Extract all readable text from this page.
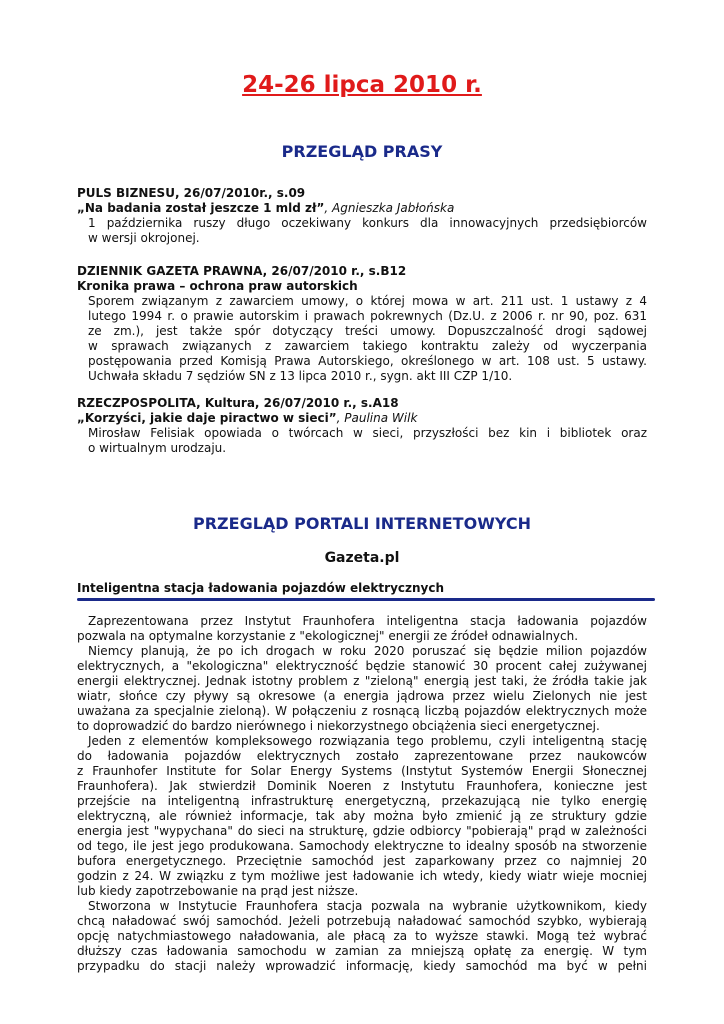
24-26 lipca 2010 r.
PRZEGLĄD PRASY
PULS BIZNESU, 26/07/2010r., s.09
„Na badania został jeszcze 1 mld zł”, Agnieszka Jabłońska
1 października ruszy długo oczekiwany konkurs dla innowacyjnych przedsiębiorców
w wersji okrojonej.
DZIENNIK GAZETA PRAWNA, 26/07/2010 r., s.B12
Kronika prawa – ochrona praw autorskich
Sporem związanym z zawarciem umowy, o której mowa w art. 211 ust. 1 ustawy z 4
lutego 1994 r. o prawie autorskim i prawach pokrewnych (Dz.U. z 2006 r. nr 90, poz. 631
ze zm.), jest także spór dotyczący treści umowy. Dopuszczalność drogi sądowej
w sprawach związanych z zawarciem takiego kontraktu zależy od wyczerpania
postępowania przed Komisją Prawa Autorskiego, określonego w art. 108 ust. 5 ustawy.
Uchwała składu 7 sędziów SN z 13 lipca 2010 r., sygn. akt III CZP 1/10.
RZECZPOSPOLITA, Kultura, 26/07/2010 r., s.A18
„Korzyści, jakie daje piractwo w sieci”, Paulina Wilk
Mirosław Felisiak opowiada o twórcach w sieci, przyszłości bez kin i bibliotek oraz
o wirtualnym urodzaju.
PRZEGLĄD PORTALI INTERNETOWYCH
Gazeta.pl
Inteligentna stacja ładowania pojazdów elektrycznych
Zaprezentowana przez Instytut Fraunhofera inteligentna stacja ładowania pojazdów
pozwala na optymalne korzystanie z "ekologicznej" energii ze źródeł odnawialnych.
Niemcy planują, że po ich drogach w roku 2020 poruszać się będzie milion pojazdów
elektrycznych, a "ekologiczna" elektryczność będzie stanowić 30 procent całej zużywanej
energii elektrycznej. Jednak istotny problem z "zieloną" energią jest taki, że źródła takie jak
wiatr, słońce czy pływy są okresowe (a energia jądrowa przez wielu Zielonych nie jest
uważana za specjalnie zieloną). W połączeniu z rosnącą liczbą pojazdów elektrycznych może
to doprowadzić do bardzo nierównego i niekorzystnego obciążenia sieci energetycznej.
Jeden z elementów kompleksowego rozwiązania tego problemu, czyli inteligentną stację
do ładowania pojazdów elektrycznych zostało zaprezentowane przez naukowców
z Fraunhofer Institute for Solar Energy Systems (Instytut Systemów Energii Słonecznej
Fraunhofera). Jak stwierdził Dominik Noeren z Instytutu Fraunhofera, konieczne jest
przejście na inteligentną infrastrukturę energetyczną, przekazującą nie tylko energię
elektryczną, ale również informacje, tak aby można było zmienić ją ze struktury gdzie
energia jest "wypychana" do sieci na strukturę, gdzie odbiorcy "pobierają" prąd w zależności
od tego, ile jest jego produkowana. Samochody elektryczne to idealny sposób na stworzenie
bufora energetycznego. Przeciętnie samochód jest zaparkowany przez co najmniej 20
godzin z 24. W związku z tym możliwe jest ładowanie ich wtedy, kiedy wiatr wieje mocniej
lub kiedy zapotrzebowanie na prąd jest niższe.
Stworzona w Instytucie Fraunhofera stacja pozwala na wybranie użytkownikom, kiedy
chcą naładować swój samochód. Jeżeli potrzebują naładować samochód szybko, wybierają
opcję natychmiastowego naładowania, ale płacą za to wyższe stawki. Mogą też wybrać
dłuższy czas ładowania samochodu w zamian za mniejszą opłatę za energię. W tym
przypadku do stacji należy wprowadzić informację, kiedy samochód ma być w pełni
